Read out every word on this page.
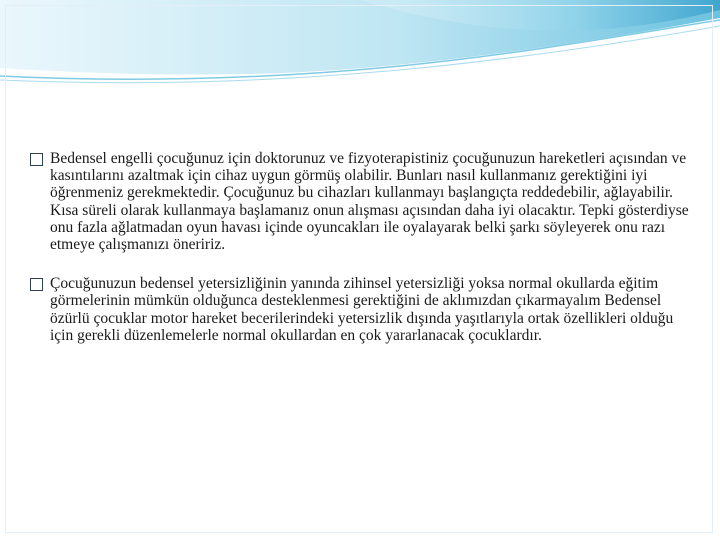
Bedensel engelli çocuğunuz için doktorunuz ve fizyoterapistiniz çocuğunuzun hareketleri açısından ve kasıntılarını azaltmak için cihaz uygun görmüş olabilir. Bunları nasıl kullanmanız gerektiğini iyi öğrenmeniz gerekmektedir. Çocuğunuz bu cihazları kullanmayı başlangıçta reddedebilir, ağlayabilir. Kısa süreli olarak kullanmaya başlamanız onun alışması açısından daha iyi olacaktır. Tepki gösterdiyse onu fazla ağlatmadan oyun havası içinde oyuncakları ile oyalayarak belki şarkı söyleyerek onu razı etmeye çalışmanızı öneririz.

Çocuğunuzun bedensel yetersizliğinin yanında zihinsel yetersizliği yoksa normal okullarda eğitim görmelerinin mümkün olduğunca desteklenmesi gerektiğini de aklımızdan çıkarmayalım Bedensel özürlü çocuklar motor hareket becerilerindeki yetersizlik dışında yaşıtlarıyla ortak özellikleri olduğu için gerekli düzenlemelerle normal okullardan en çok yararlanacak çocuklardır.
